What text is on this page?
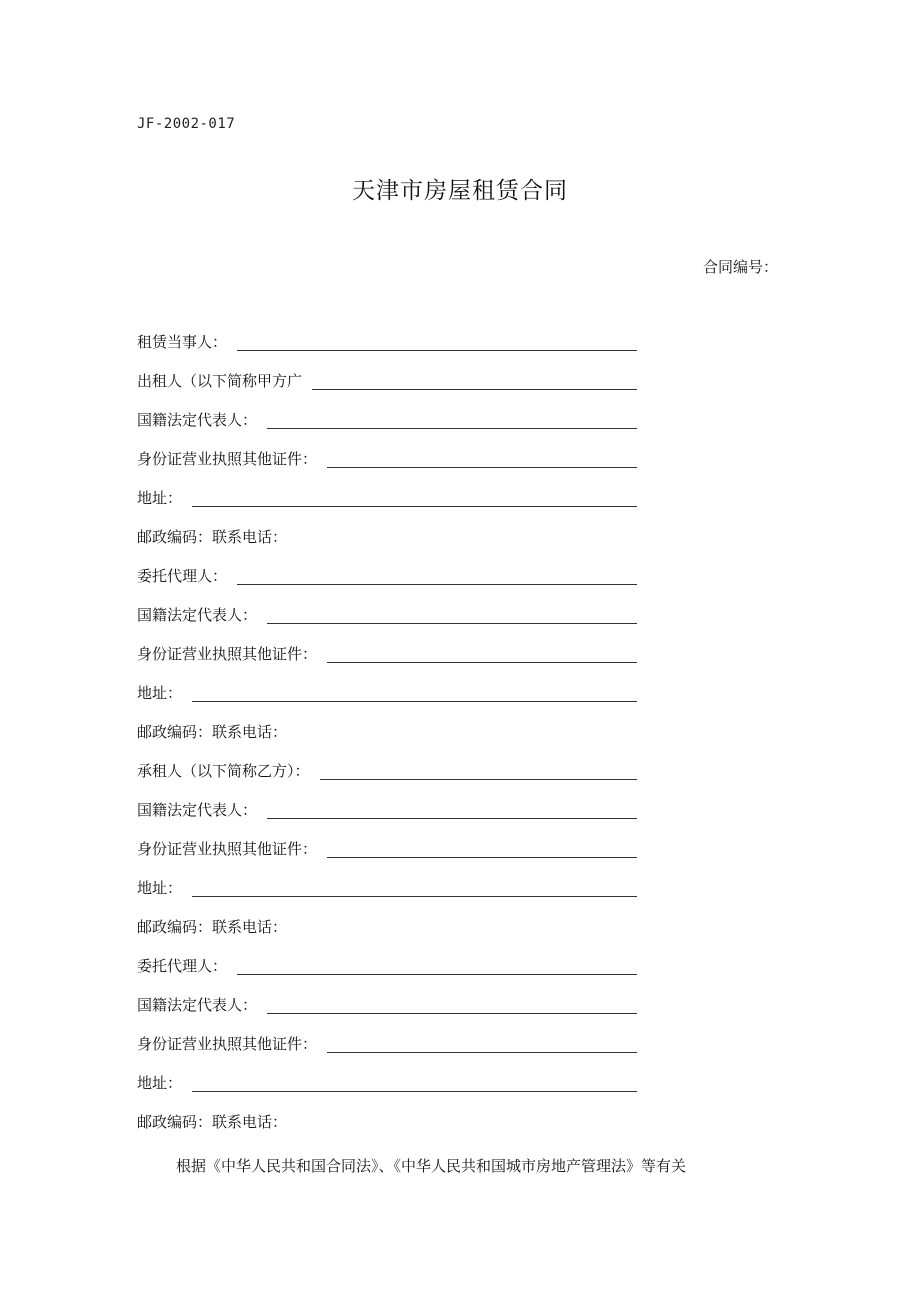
JF-2002-017
天津市房屋租赁合同
合同编号：
租赁当事人：
出租人（以下简称甲方广
国籍法定代表人：
身份证营业执照其他证件：
地址：
邮政编码：联系电话：
委托代理人：
国籍法定代表人：
身份证营业执照其他证件：
地址：
邮政编码：联系电话：
承租人（以下简称乙方）：
国籍法定代表人：
身份证营业执照其他证件：
地址：
邮政编码：联系电话：
委托代理人：
国籍法定代表人：
身份证营业执照其他证件：
地址：
邮政编码：联系电话：
根据《中华人民共和国合同法》、《中华人民共和国城市房地产管理法》等有关
